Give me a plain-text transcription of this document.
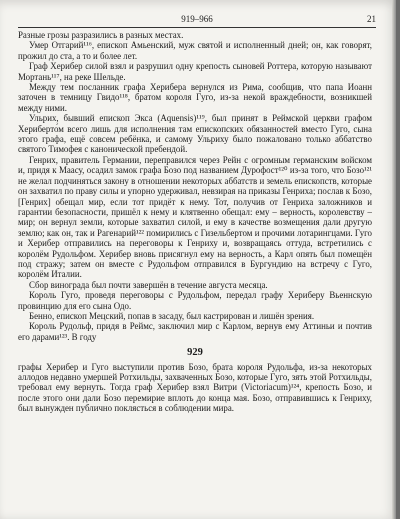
919–966	21

Разные грозы разразились в разных местах.

Умер Отгарий¹¹⁶, епископ Амьенский, муж святой и исполненный дней; он, как говорят, прожил до ста, а то и более лет.

Граф Херибер силой взял и разрушил одну крепость сыновей Роттера, которую называют Мортань¹¹⁷, на реке Шельде.

Между тем посланник графа Херибера вернулся из Рима, сообщив, что папа Иоанн заточен в темницу Гвидо¹¹⁸, братом короля Гуго, из-за некой враждебности, возникшей между ними.

Ульрих, бывший епископ Экса (Aquensis)¹¹⁹, был принят в Реймской церкви графом Хериберто́м всего лишь для исполнения там епископских обязанностей вместо Гуго, сына этого графа, ещё совсем ребёнка, и самому Ульриху было пожаловано только аббатство святого Тимофея с канонической пребендой.

Генрих, правитель Германии, переправился через Рейн с огромным германским войском и, придя к Маасу, осадил замок графа Бозо под названием Дурофост¹²⁰ из-за того, что Бозо¹²¹ не желал подчиняться закону в отношении некоторых аббатств и земель епископств, которые он захватил по праву силы и упорно удерживал, невзирая на приказы Генриха; послав к Бозо, [Генрих] обещал мир, если тот придёт к нему. Тот, получив от Генриха заложников и гарантии безопасности, пришёл к нему и клятвенно обещал: ему – верность, королевству – мир; он вернул земли, которые захватил силой, и ему в качестве возмещения дали другую землю; как он, так и Рагенарий¹²² помирились с Гизельбертом и прочими лотарингцами. Гуго и Херибер отправились на переговоры к Генриху и, возвращаясь оттуда, встретились с королём Рудольфом. Херибер вновь присягнул ему на верность, а Карл опять был помещён под стражу; затем он вместе с Рудольфом отправился в Бургундию на встречу с Гуго, королём Италии.

Сбор винограда был почти завершён в течение августа месяца.

Король Гуго, проведя переговоры с Рудольфом, передал графу Хериберу Вьеннскую провинцию для его сына Одо.

Бенно, епископ Мецский, попав в засаду, был кастрирован и лишён зрения.

Король Рудольф, придя в Реймс, заключил мир с Карлом, вернув ему Аттиньи и почтив его дарами¹²³. В году

929

графы Херибер и Гуго выступили против Бозо, брата короля Рудольфа, из-за некоторых аллодов недавно умершей Ротхильды, захваченных Бозо, которые Гуго, зять этой Ротхильды, требовал ему вернуть. Тогда граф Херибер взял Витри (Victoriacum)¹²⁴, крепость Бозо, и после этого они дали Бозо перемирие вплоть до конца мая. Бозо, отправившись к Генриху, был вынужден публично поклясться в соблюдении мира.
